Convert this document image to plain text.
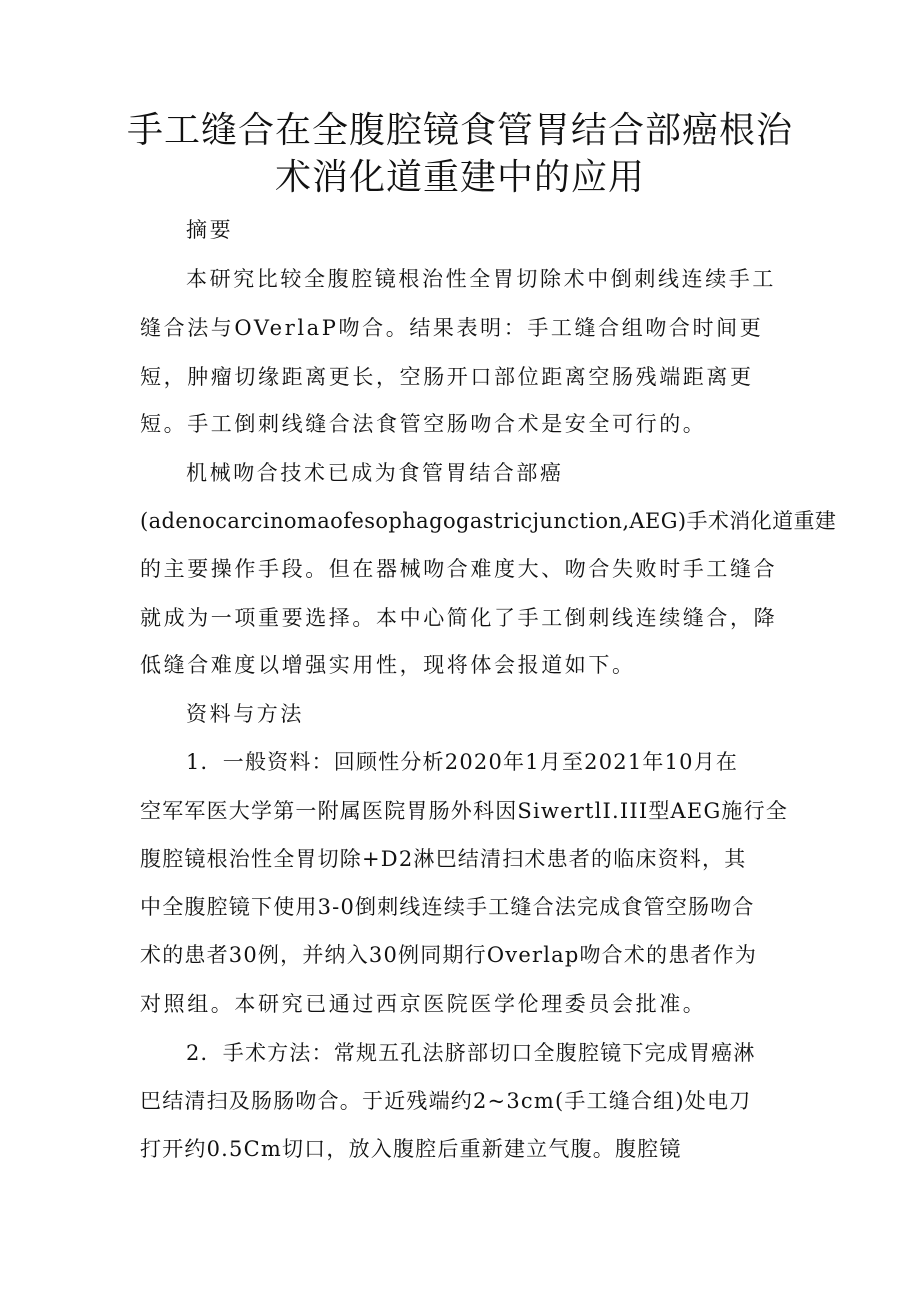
手工缝合在全腹腔镜食管胃结合部癌根治
术消化道重建中的应用
摘要
本研究比较全腹腔镜根治性全胃切除术中倒刺线连续手工
缝合法与OVerlaP吻合。结果表明：手工缝合组吻合时间更
短，肿瘤切缘距离更长，空肠开口部位距离空肠残端距离更
短。手工倒刺线缝合法食管空肠吻合术是安全可行的。
机械吻合技术已成为食管胃结合部癌
(adenocarcinomaofesophagogastricjunction,AEG)手术消化道重建
的主要操作手段。但在器械吻合难度大、吻合失败时手工缝合
就成为一项重要选择。本中心简化了手工倒刺线连续缝合，降
低缝合难度以增强实用性，现将体会报道如下。
资料与方法
1．一般资料：回顾性分析2020年1月至2021年10月在
空军军医大学第一附属医院胃肠外科因SiwertlI.III型AEG施行全
腹腔镜根治性全胃切除+D2淋巴结清扫术患者的临床资料，其
中全腹腔镜下使用3-0倒刺线连续手工缝合法完成食管空肠吻合
术的患者30例，并纳入30例同期行Overlap吻合术的患者作为
对照组。本研究已通过西京医院医学伦理委员会批准。
2．手术方法：常规五孔法脐部切口全腹腔镜下完成胃癌淋
巴结清扫及肠肠吻合。于近残端约2~3cm(手工缝合组)处电刀
打开约0.5Cm切口，放入腹腔后重新建立气腹。腹腔镜
